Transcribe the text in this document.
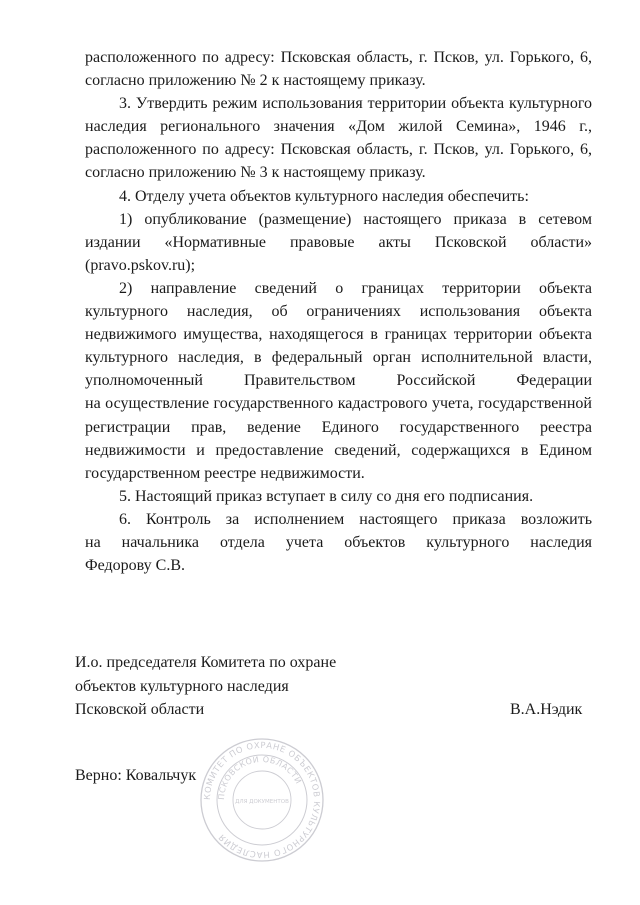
расположенного по адресу: Псковская область, г. Псков, ул. Горького, 6,
согласно приложению № 2 к настоящему приказу.
3. Утвердить режим использования территории объекта культурного
наследия регионального значения «Дом жилой Семина», 1946 г.,
расположенного по адресу: Псковская область, г. Псков, ул. Горького, 6,
согласно приложению № 3 к настоящему приказу.
4. Отделу учета объектов культурного наследия обеспечить:
1) опубликование (размещение) настоящего приказа в сетевом
издании «Нормативные правовые акты Псковской области»
(pravo.pskov.ru);
2) направление сведений о границах территории объекта
культурного наследия, об ограничениях использования объекта
недвижимого имущества, находящегося в границах территории объекта
культурного наследия, в федеральный орган исполнительной власти,
уполномоченный Правительством Российской Федерации
на осуществление государственного кадастрового учета, государственной
регистрации прав, ведение Единого государственного реестра
недвижимости и предоставление сведений, содержащихся в Едином
государственном реестре недвижимости.
5. Настоящий приказ вступает в силу со дня его подписания.
6. Контроль за исполнением настоящего приказа возложить
на начальника отдела учета объектов культурного наследия
Федорову С.В.
И.о. председателя Комитета по охране
объектов культурного наследия
Псковской области	В.А.Нэдик
Верно: Ковальчук
КОМИТЕТ ПО ОХРАНЕ ОБЪЕКТОВ КУЛЬТУРНОГО НАСЛЕДИЯ
ПСКОВСКОЙ ОБЛАСТИ
ДЛЯ ДОКУМЕНТОВ
